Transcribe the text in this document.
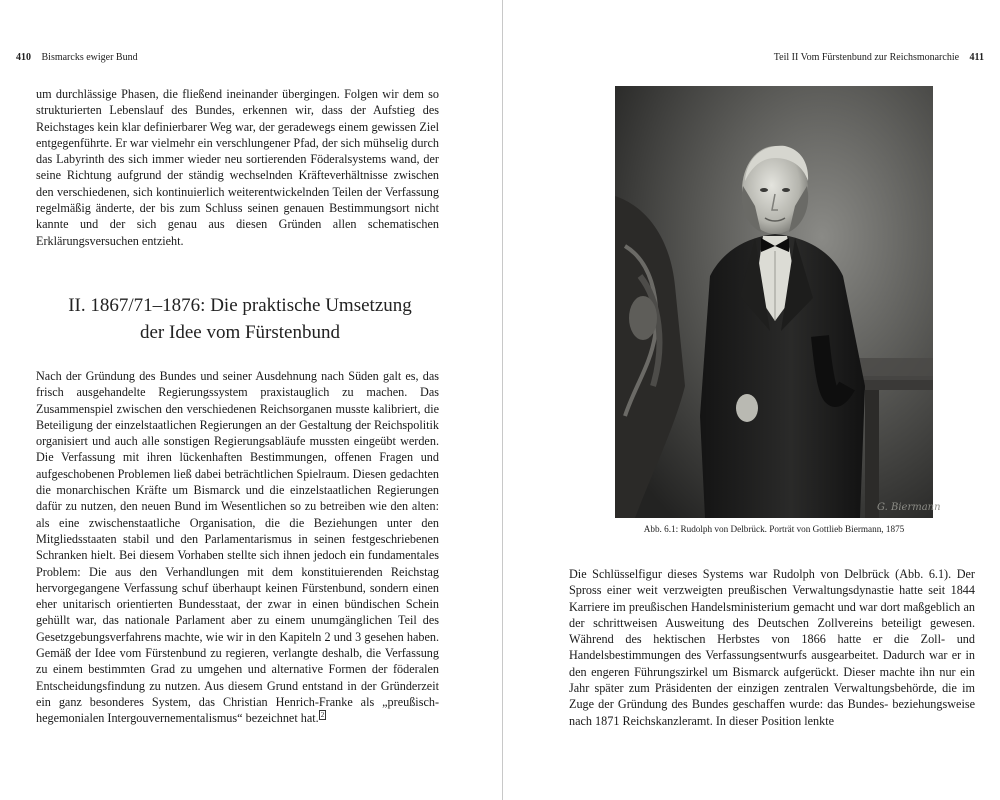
410 Bismarcks ewiger Bund

um durchlässige Phasen, die fließend ineinander übergingen. Folgen wir dem so strukturierten Lebenslauf des Bundes, erkennen wir, dass der Aufstieg des Reichstages kein klar definierbarer Weg war, der geradewegs einem gewissen Ziel entgegenführte. Er war vielmehr ein verschlungener Pfad, der sich mühselig durch das Labyrinth des sich immer wieder neu sortierenden Föderalsystems wand, der seine Richtung aufgrund der ständig wechselnden Kräfteverhältnisse zwischen den verschiedenen, sich kontinuierlich weiterentwickelnden Teilen der Verfassung regelmäßig änderte, der bis zum Schluss seinen genauen Bestimmungsort nicht kannte und der sich genau aus diesen Gründen allen schematischen Erklärungsversuchen entzieht.

II. 1867/71–1876: Die praktische Umsetzung
der Idee vom Fürstenbund

Nach der Gründung des Bundes und seiner Ausdehnung nach Süden galt es, das frisch ausgehandelte Regierungssystem praxistauglich zu machen. Das Zusammenspiel zwischen den verschiedenen Reichsorganen musste kalibriert, die Beteiligung der einzelstaatlichen Regierungen an der Gestaltung der Reichspolitik organisiert und auch alle sonstigen Regierungsabläufe mussten eingeübt werden. Die Verfassung mit ihren lückenhaften Bestimmungen, offenen Fragen und aufgeschobenen Problemen ließ dabei beträchtlichen Spielraum. Diesen gedachten die monarchischen Kräfte um Bismarck und die einzelstaatlichen Regierungen dafür zu nutzen, den neuen Bund im Wesentlichen so zu betreiben wie den alten: als eine zwischenstaatliche Organisation, die die Beziehungen unter den Mitgliedsstaaten stabil und den Parlamentarismus in seinen festgeschriebenen Schranken hielt. Bei diesem Vorhaben stellte sich ihnen jedoch ein fundamentales Problem: Die aus den Verhandlungen mit dem konstituierenden Reichstag hervorgegangene Verfassung schuf überhaupt keinen Fürstenbund, sondern einen eher unitarisch orientierten Bundesstaat, der zwar in einen bündischen Schein gehüllt war, das nationale Parlament aber zu einem unumgänglichen Teil des Gesetzgebungsverfahrens machte, wie wir in den Kapiteln 2 und 3 gesehen haben. Gemäß der Idee vom Fürstenbund zu regieren, verlangte deshalb, die Verfassung zu einem bestimmten Grad zu umgehen und alternative Formen der föderalen Entscheidungsfindung zu nutzen. Aus diesem Grund entstand in der Gründerzeit ein ganz besonderes System, das Christian Henrich-Franke als „preußisch-hegemonialen Intergouvernementalismus“ bezeichnet hat. $^2$

Teil II Vom Fürstenbund zur Reichsmonarchie 411
G. Biermann

Abb. 6.1: Rudolph von Delbrück. Porträt von Gottlieb Biermann, 1875

Die Schlüsselfigur dieses Systems war Rudolph von Delbrück (Abb. 6.1). Der Spross einer weit verzweigten preußischen Verwaltungsdynastie hatte seit 1844 Karriere im preußischen Handelsministerium gemacht und war dort maßgeblich an der schrittweisen Ausweitung des Deutschen Zollvereins beteiligt gewesen. Während des hektischen Herbstes von 1866 hatte er die Zoll- und Handelsbestimmungen des Verfassungsentwurfs ausgearbeitet. Dadurch war er in den engeren Führungszirkel um Bismarck aufgerückt. Dieser machte ihn nur ein Jahr später zum Präsidenten der einzigen zentralen Verwaltungsbehörde, die im Zuge der Gründung des Bundes geschaffen wurde: das Bundes- beziehungsweise nach 1871 Reichskanzleramt. In dieser Position lenkte
